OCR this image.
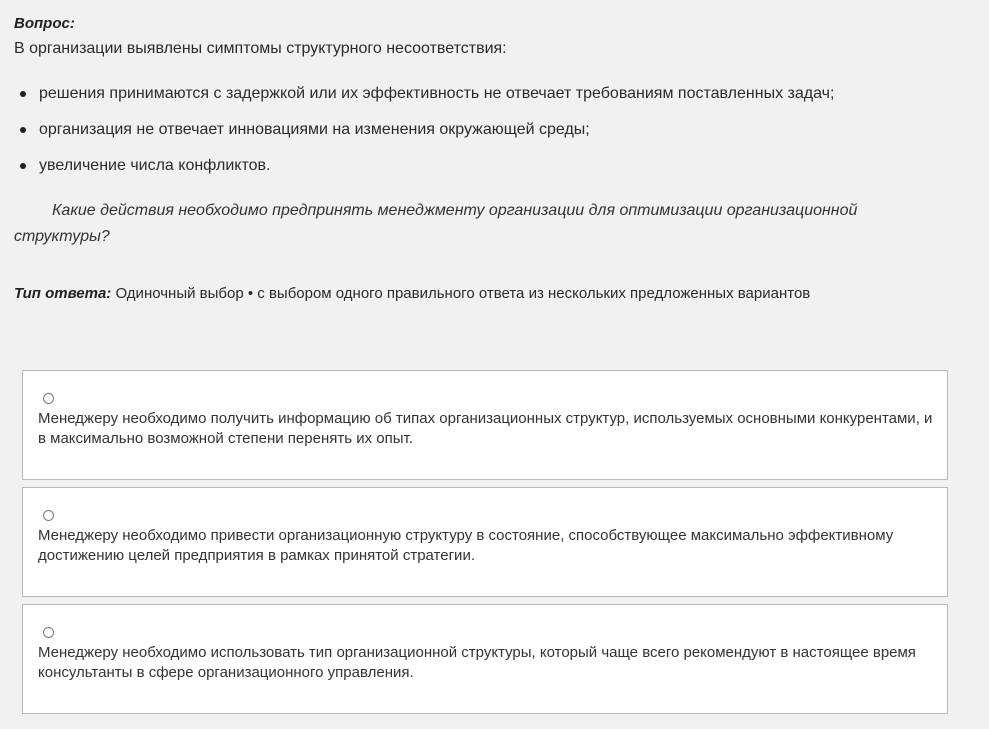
Вопрос:
В организации выявлены симптомы структурного несоответствия:
решения принимаются с задержкой или их эффективность не отвечает требованиям поставленных задач;
организация не отвечает инновациями на изменения окружающей среды;
увеличение числа конфликтов.
Какие действия необходимо предпринять менеджменту организации для оптимизации организационной структуры?
Тип ответа: Одиночный выбор • с выбором одного правильного ответа из нескольких предложенных вариантов
Менеджеру необходимо получить информацию об типах организационных структур, используемых основными конкурентами, и в максимально возможной степени перенять их опыт.
Менеджеру необходимо привести организационную структуру в состояние, способствующее максимально эффективному достижению целей предприятия в рамках принятой стратегии.
Менеджеру необходимо использовать тип организационной структуры, который чаще всего рекомендуют в настоящее время консультанты в сфере организационного управления.
